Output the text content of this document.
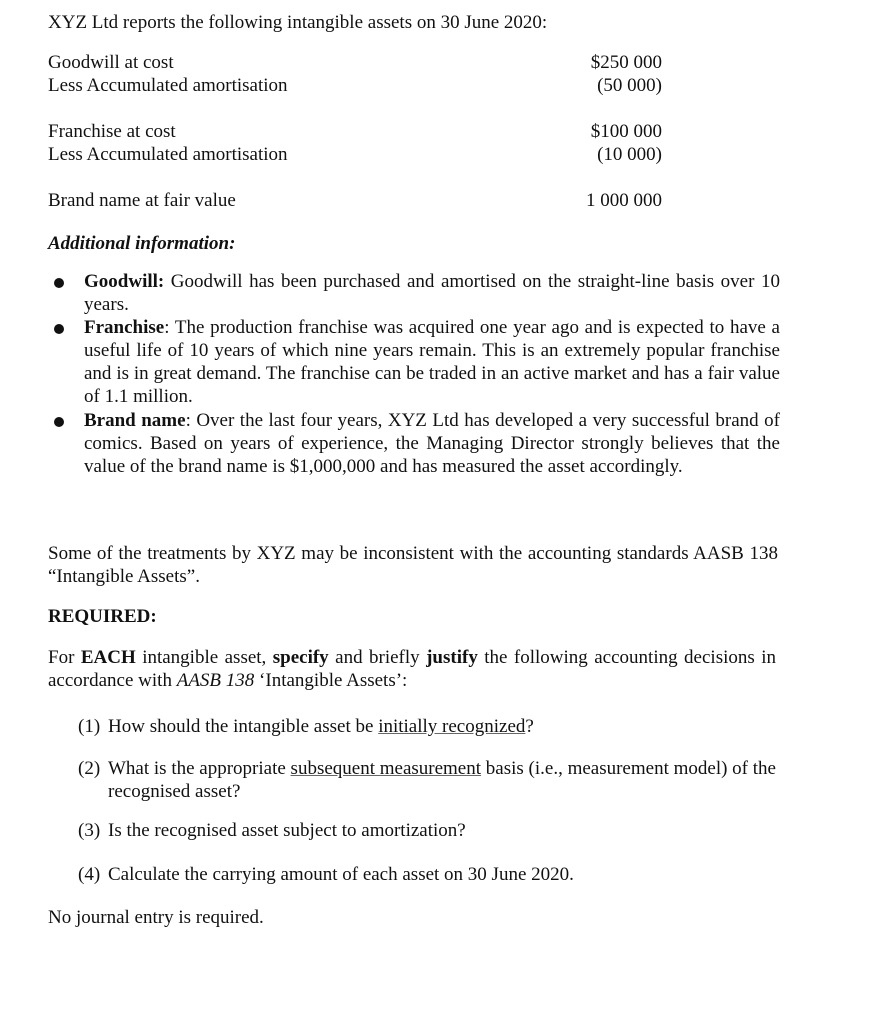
XYZ Ltd reports the following intangible assets on 30 June 2020:
Goodwill at cost	$250 000
Less Accumulated amortisation	(50 000)
Franchise at cost	$100 000
Less Accumulated amortisation	(10 000)
Brand name at fair value	1 000 000
Additional information:
Goodwill: Goodwill has been purchased and amortised on the straight-line basis over 10 years.
Franchise: The production franchise was acquired one year ago and is expected to have a useful life of 10 years of which nine years remain. This is an extremely popular franchise and is in great demand. The franchise can be traded in an active market and has a fair value of 1.1 million.
Brand name: Over the last four years, XYZ Ltd has developed a very successful brand of comics. Based on years of experience, the Managing Director strongly believes that the value of the brand name is $1,000,000 and has measured the asset accordingly.
Some of the treatments by XYZ may be inconsistent with the accounting standards AASB 138 “Intangible Assets”.
REQUIRED:
For EACH intangible asset, specify and briefly justify the following accounting decisions in accordance with AASB 138 ‘Intangible Assets’:
(1) How should the intangible asset be initially recognized?
(2) What is the appropriate subsequent measurement basis (i.e., measurement model) of the recognised asset?
(3) Is the recognised asset subject to amortization?
(4) Calculate the carrying amount of each asset on 30 June 2020.
No journal entry is required.
